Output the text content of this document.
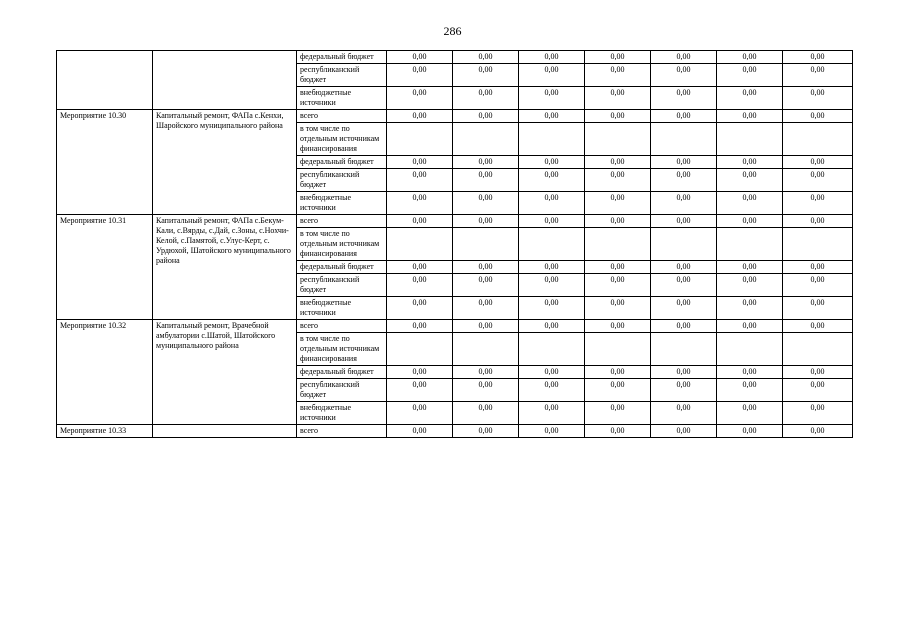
286
		федеральный бюджет	0,00	0,00	0,00	0,00	0,00	0,00	0,00
		республиканский бюджет	0,00	0,00	0,00	0,00	0,00	0,00	0,00
		внебюджетные источники	0,00	0,00	0,00	0,00	0,00	0,00	0,00
Мероприятие 10.30	Капитальный ремонт, ФАПа с.Кенхи, Шаройского муниципального района	всего	0,00	0,00	0,00	0,00	0,00	0,00	0,00
		в том числе по отдельным источникам финансирования							
		федеральный бюджет	0,00	0,00	0,00	0,00	0,00	0,00	0,00
		республиканский бюджет	0,00	0,00	0,00	0,00	0,00	0,00	0,00
		внебюджетные источники	0,00	0,00	0,00	0,00	0,00	0,00	0,00
Мероприятие 10.31	Капитальный ремонт, ФАПа с.Бекум-Кали, с.Вярды, с.Дай, с.Зоны, с.Нохчи-Келой, с.Памятой, с.Улус-Керт, с. Урдюхой, Шатойского муниципального района	всего	0,00	0,00	0,00	0,00	0,00	0,00	0,00
		в том числе по отдельным источникам финансирования							
		федеральный бюджет	0,00	0,00	0,00	0,00	0,00	0,00	0,00
		республиканский бюджет	0,00	0,00	0,00	0,00	0,00	0,00	0,00
		внебюджетные источники	0,00	0,00	0,00	0,00	0,00	0,00	0,00
Мероприятие 10.32	Капитальный ремонт, Врачебной амбулатории с.Шатой, Шатойского муниципального района	всего	0,00	0,00	0,00	0,00	0,00	0,00	0,00
		в том числе по отдельным источникам финансирования							
		федеральный бюджет	0,00	0,00	0,00	0,00	0,00	0,00	0,00
		республиканский бюджет	0,00	0,00	0,00	0,00	0,00	0,00	0,00
		внебюджетные источники	0,00	0,00	0,00	0,00	0,00	0,00	0,00
Мероприятие 10.33		всего	0,00	0,00	0,00	0,00	0,00	0,00	0,00
